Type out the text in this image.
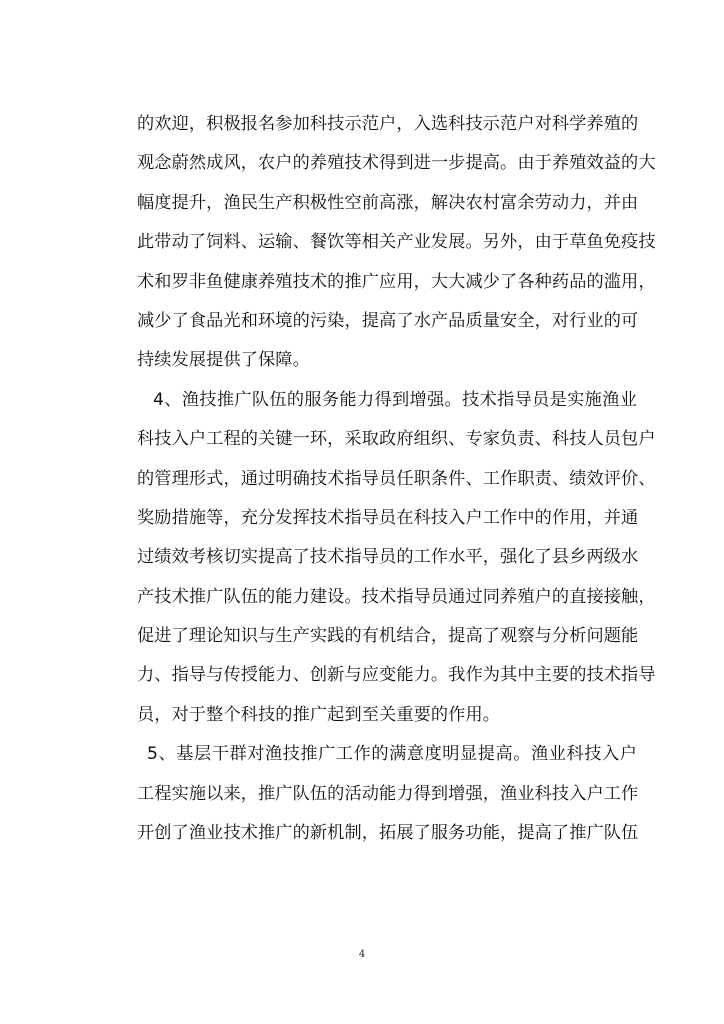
的欢迎，积极报名参加科技示范户，入选科技示范户对科学养殖的
观念蔚然成风，农户的养殖技术得到进一步提高。由于养殖效益的大
幅度提升，渔民生产积极性空前高涨，解决农村富余劳动力，并由
此带动了饲料、运输、餐饮等相关产业发展。另外，由于草鱼免疫技
术和罗非鱼健康养殖技术的推广应用，大大减少了各种药品的滥用，
减少了食品光和环境的污染，提高了水产品质量安全，对行业的可
持续发展提供了保障。
4、渔技推广队伍的服务能力得到增强。技术指导员是实施渔业
科技入户工程的关键一环，采取政府组织、专家负责、科技人员包户
的管理形式，通过明确技术指导员任职条件、工作职责、绩效评价、
奖励措施等，充分发挥技术指导员在科技入户工作中的作用，并通
过绩效考核切实提高了技术指导员的工作水平，强化了县乡两级水
产技术推广队伍的能力建设。技术指导员通过同养殖户的直接接触，
促进了理论知识与生产实践的有机结合，提高了观察与分析问题能
力、指导与传授能力、创新与应变能力。我作为其中主要的技术指导
员，对于整个科技的推广起到至关重要的作用。
5、基层干群对渔技推广工作的满意度明显提高。渔业科技入户
工程实施以来，推广队伍的活动能力得到增强，渔业科技入户工作
开创了渔业技术推广的新机制，拓展了服务功能，提高了推广队伍
4
